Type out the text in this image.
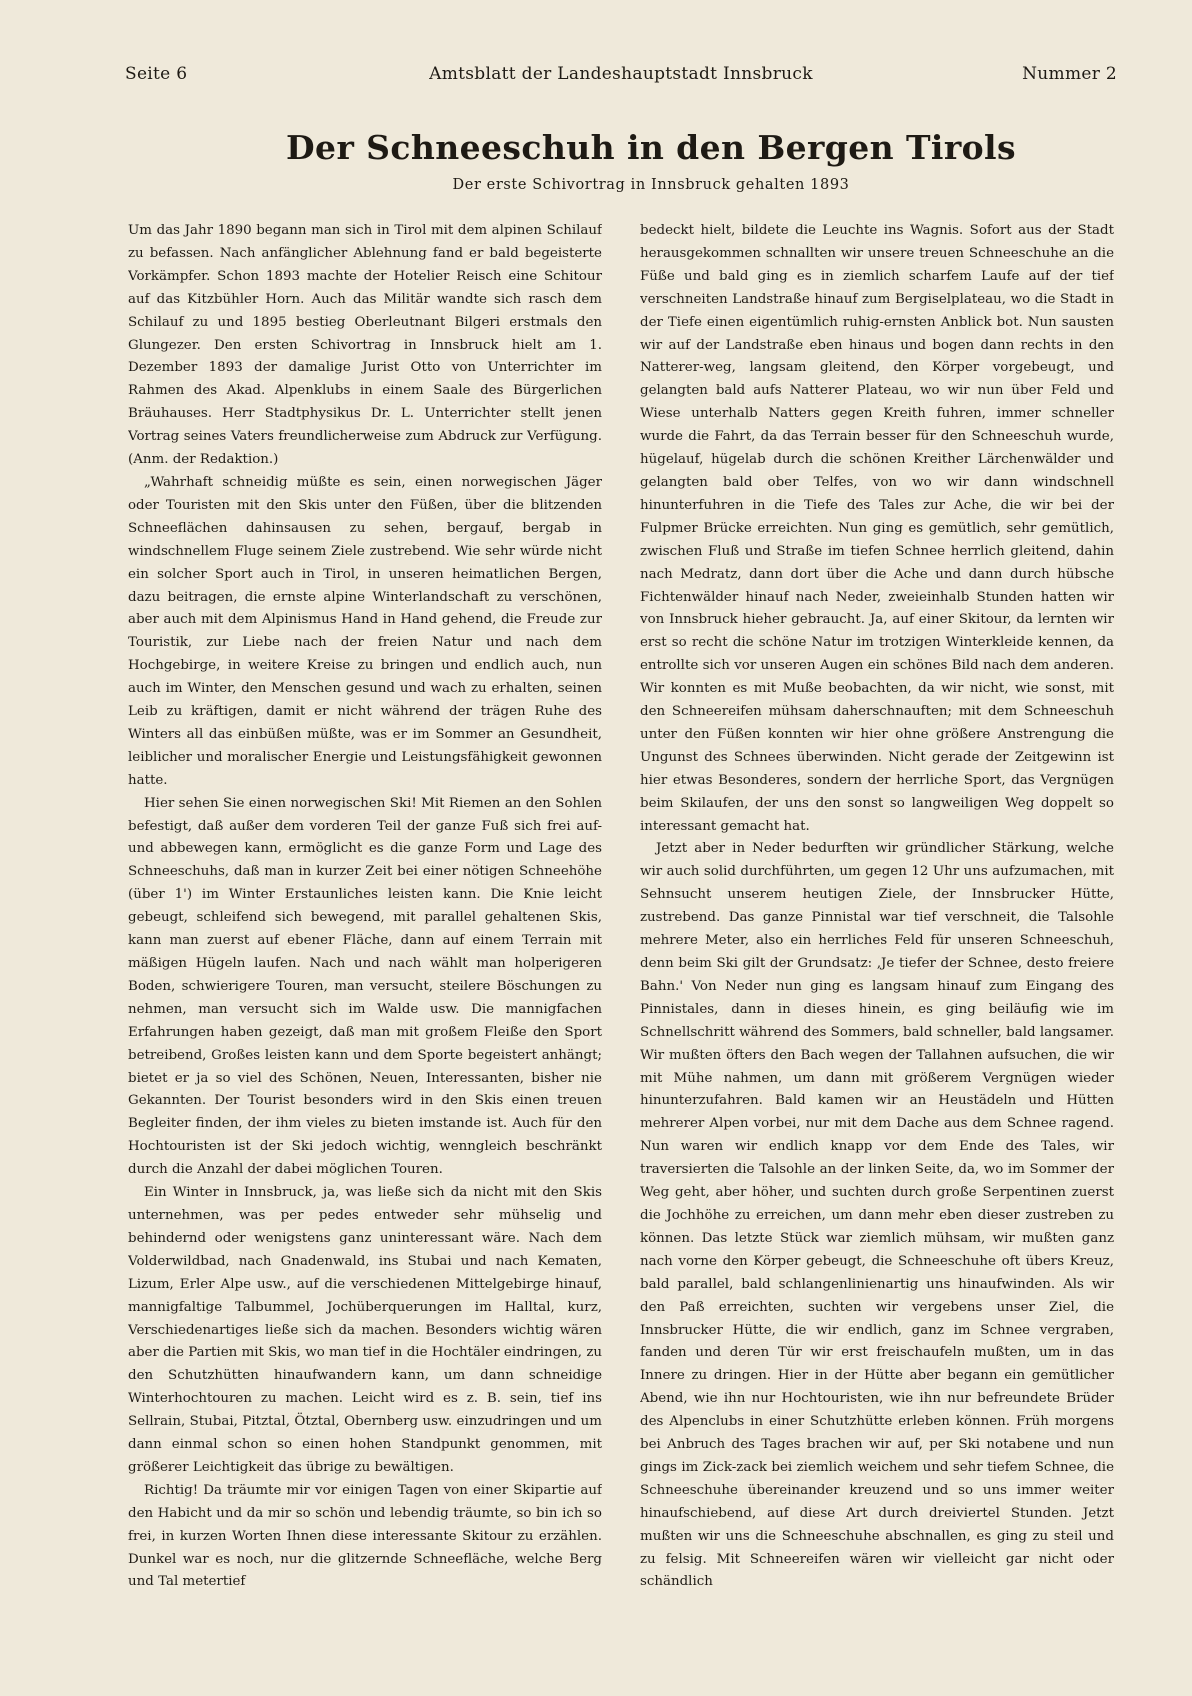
Seite 6	Amtsblatt der Landeshauptstadt Innsbruck	Nummer 2
Der Schneeschuh in den Bergen Tirols
Der erste Schivortrag in Innsbruck gehalten 1893

Um das Jahr 1890 begann man sich in Tirol mit dem alpinen Schilauf zu befassen. Nach anfänglicher Ablehnung fand er bald begeisterte Vorkämpfer. Schon 1893 machte der Hotelier Reisch eine Schitour auf das Kitzbühler Horn. Auch das Militär wandte sich rasch dem Schilauf zu und 1895 bestieg Oberleutnant Bilgeri erstmals den Glungezer. Den ersten Schivortrag in Innsbruck hielt am 1. Dezember 1893 der damalige Jurist Otto von Unterrichter im Rahmen des Akad. Alpenklubs in einem Saale des Bürgerlichen Bräuhauses. Herr Stadtphysikus Dr. L. Unterrichter stellt jenen Vortrag seines Vaters freundlicherweise zum Abdruck zur Verfügung. (Anm. der Redaktion.)

„Wahrhaft schneidig müßte es sein, einen norwegischen Jäger oder Touristen mit den Skis unter den Füßen, über die blitzenden Schneeflächen dahinsausen zu sehen, bergauf, bergab in windschnellem Fluge seinem Ziele zustrebend. Wie sehr würde nicht ein solcher Sport auch in Tirol, in unseren heimatlichen Bergen, dazu beitragen, die ernste alpine Winterlandschaft zu verschönen, aber auch mit dem Alpinismus Hand in Hand gehend, die Freude zur Touristik, zur Liebe nach der freien Natur und nach dem Hochgebirge, in weitere Kreise zu bringen und endlich auch, nun auch im Winter, den Menschen gesund und wach zu erhalten, seinen Leib zu kräftigen, damit er nicht während der trägen Ruhe des Winters all das einbüßen müßte, was er im Sommer an Gesundheit, leiblicher und moralischer Energie und Leistungsfähigkeit gewonnen hatte.

Hier sehen Sie einen norwegischen Ski! Mit Riemen an den Sohlen befestigt, daß außer dem vorderen Teil der ganze Fuß sich frei auf- und abbewegen kann, ermöglicht es die ganze Form und Lage des Schneeschuhs, daß man in kurzer Zeit bei einer nötigen Schneehöhe (über 1') im Winter Erstaunliches leisten kann. Die Knie leicht gebeugt, schleifend sich bewegend, mit parallel gehaltenen Skis, kann man zuerst auf ebener Fläche, dann auf einem Terrain mit mäßigen Hügeln laufen. Nach und nach wählt man holperigeren Boden, schwierigere Touren, man versucht, steilere Böschungen zu nehmen, man versucht sich im Walde usw. Die mannigfachen Erfahrungen haben gezeigt, daß man mit großem Fleiße den Sport betreibend, Großes leisten kann und dem Sporte begeistert anhängt; bietet er ja so viel des Schönen, Neuen, Interessanten, bisher nie Gekannten. Der Tourist besonders wird in den Skis einen treuen Begleiter finden, der ihm vieles zu bieten imstande ist. Auch für den Hochtouristen ist der Ski jedoch wichtig, wenngleich beschränkt durch die Anzahl der dabei möglichen Touren.

Ein Winter in Innsbruck, ja, was ließe sich da nicht mit den Skis unternehmen, was per pedes entweder sehr mühselig und behindernd oder wenigstens ganz uninteressant wäre. Nach dem Volderwildbad, nach Gnadenwald, ins Stubai und nach Kematen, Lizum, Erler Alpe usw., auf die verschiedenen Mittelgebirge hinauf, mannigfaltige Talbummel, Jochüberquerungen im Halltal, kurz, Verschiedenartiges ließe sich da machen. Besonders wichtig wären aber die Partien mit Skis, wo man tief in die Hochtäler eindringen, zu den Schutzhütten hinaufwandern kann, um dann schneidige Winterhochtouren zu machen. Leicht wird es z. B. sein, tief ins Sellrain, Stubai, Pitztal, Ötztal, Obernberg usw. einzudringen und um dann einmal schon so einen hohen Standpunkt genommen, mit größerer Leichtigkeit das übrige zu bewältigen.

Richtig! Da träumte mir vor einigen Tagen von einer Skipartie auf den Habicht und da mir so schön und lebendig träumte, so bin ich so frei, in kurzen Worten Ihnen diese interessante Skitour zu erzählen. Dunkel war es noch, nur die glitzernde Schneefläche, welche Berg und Tal metertief

bedeckt hielt, bildete die Leuchte ins Wagnis. Sofort aus der Stadt herausgekommen schnallten wir unsere treuen Schneeschuhe an die Füße und bald ging es in ziemlich scharfem Laufe auf der tief verschneiten Landstraße hinauf zum Bergiselplateau, wo die Stadt in der Tiefe einen eigentümlich ruhig-ernsten Anblick bot. Nun sausten wir auf der Landstraße eben hinaus und bogen dann rechts in den Natterer-weg, langsam gleitend, den Körper vorgebeugt, und gelangten bald aufs Natterer Plateau, wo wir nun über Feld und Wiese unterhalb Natters gegen Kreith fuhren, immer schneller wurde die Fahrt, da das Terrain besser für den Schneeschuh wurde, hügelauf, hügelab durch die schönen Kreither Lärchenwälder und gelangten bald ober Telfes, von wo wir dann windschnell hinunterfuhren in die Tiefe des Tales zur Ache, die wir bei der Fulpmer Brücke erreichten. Nun ging es gemütlich, sehr gemütlich, zwischen Fluß und Straße im tiefen Schnee herrlich gleitend, dahin nach Medratz, dann dort über die Ache und dann durch hübsche Fichtenwälder hinauf nach Neder, zweieinhalb Stunden hatten wir von Innsbruck hieher gebraucht. Ja, auf einer Skitour, da lernten wir erst so recht die schöne Natur im trotzigen Winterkleide kennen, da entrollte sich vor unseren Augen ein schönes Bild nach dem anderen. Wir konnten es mit Muße beobachten, da wir nicht, wie sonst, mit den Schneereifen mühsam daherschnauften; mit dem Schneeschuh unter den Füßen konnten wir hier ohne größere Anstrengung die Ungunst des Schnees überwinden. Nicht gerade der Zeitgewinn ist hier etwas Besonderes, sondern der herrliche Sport, das Vergnügen beim Skilaufen, der uns den sonst so langweiligen Weg doppelt so interessant gemacht hat.

Jetzt aber in Neder bedurften wir gründlicher Stärkung, welche wir auch solid durchführten, um gegen 12 Uhr uns aufzumachen, mit Sehnsucht unserem heutigen Ziele, der Innsbrucker Hütte, zustrebend. Das ganze Pinnistal war tief verschneit, die Talsohle mehrere Meter, also ein herrliches Feld für unseren Schneeschuh, denn beim Ski gilt der Grundsatz: ‚Je tiefer der Schnee, desto freiere Bahn.' Von Neder nun ging es langsam hinauf zum Eingang des Pinnistales, dann in dieses hinein, es ging beiläufig wie im Schnellschritt während des Sommers, bald schneller, bald langsamer. Wir mußten öfters den Bach wegen der Tallahnen aufsuchen, die wir mit Mühe nahmen, um dann mit größerem Vergnügen wieder hinunterzufahren. Bald kamen wir an Heustädeln und Hütten mehrerer Alpen vorbei, nur mit dem Dache aus dem Schnee ragend. Nun waren wir endlich knapp vor dem Ende des Tales, wir traversierten die Talsohle an der linken Seite, da, wo im Sommer der Weg geht, aber höher, und suchten durch große Serpentinen zuerst die Jochhöhe zu erreichen, um dann mehr eben dieser zustreben zu können. Das letzte Stück war ziemlich mühsam, wir mußten ganz nach vorne den Körper gebeugt, die Schneeschuhe oft übers Kreuz, bald parallel, bald schlangenlinienartig uns hinaufwinden. Als wir den Paß erreichten, suchten wir vergebens unser Ziel, die Innsbrucker Hütte, die wir endlich, ganz im Schnee vergraben, fanden und deren Tür wir erst freischaufeln mußten, um in das Innere zu dringen. Hier in der Hütte aber begann ein gemütlicher Abend, wie ihn nur Hochtouristen, wie ihn nur befreundete Brüder des Alpenclubs in einer Schutzhütte erleben können. Früh morgens bei Anbruch des Tages brachen wir auf, per Ski notabene und nun gings im Zick-zack bei ziemlich weichem und sehr tiefem Schnee, die Schneeschuhe übereinander kreuzend und so uns immer weiter hinaufschiebend, auf diese Art durch dreiviertel Stunden. Jetzt mußten wir uns die Schneeschuhe abschnallen, es ging zu steil und zu felsig. Mit Schneereifen wären wir vielleicht gar nicht oder schändlich
